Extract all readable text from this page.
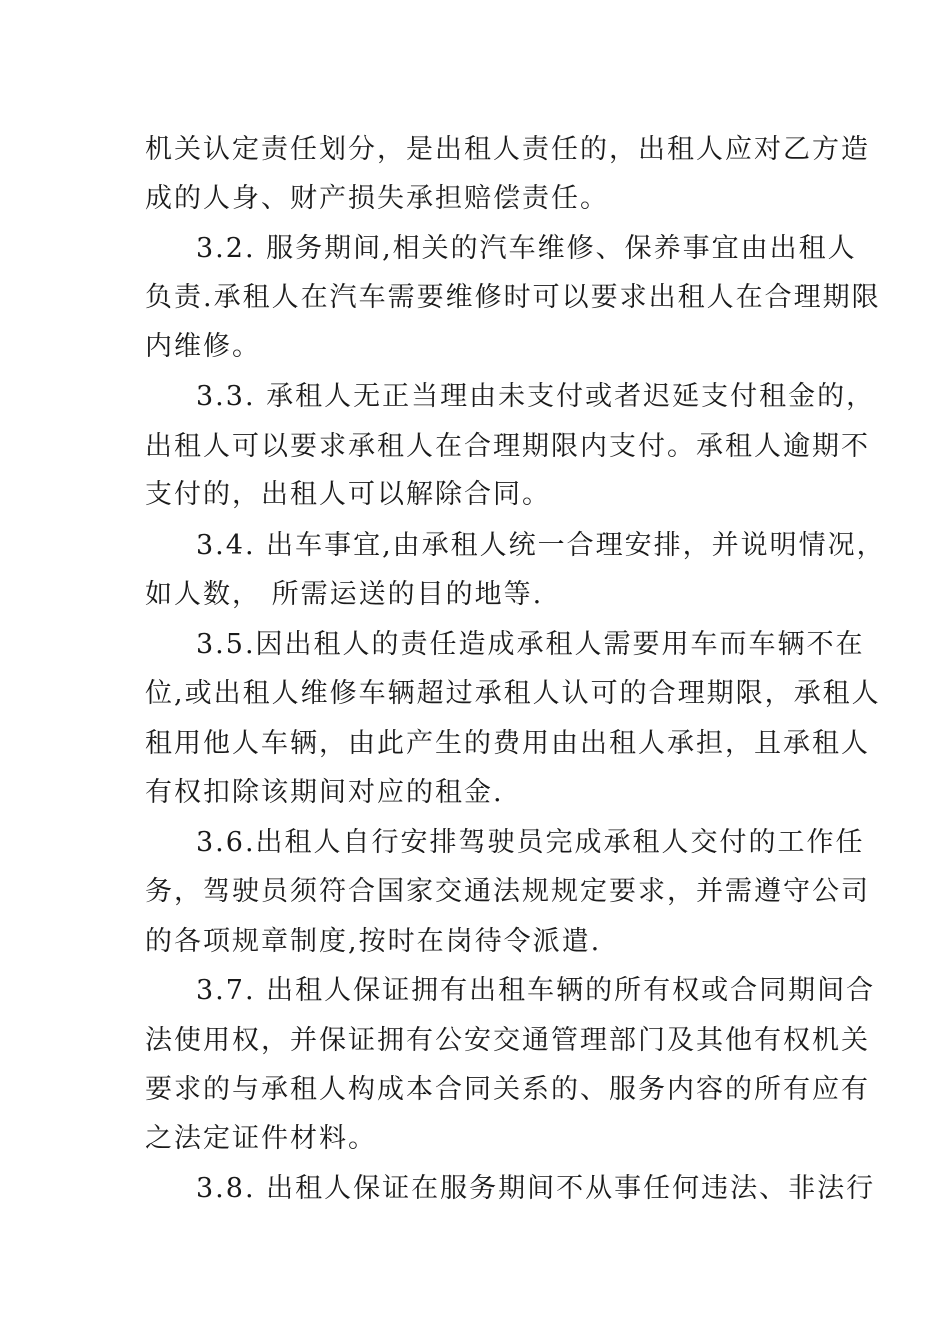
机关认定责任划分，是出租人责任的，出租人应对乙方造

成的人身、财产损失承担赔偿责任。

3.2. 服务期间,相关的汽车维修、保养事宜由出租人

负责.承租人在汽车需要维修时可以要求出租人在合理期限

内维修。

3.3. 承租人无正当理由未支付或者迟延支付租金的，

出租人可以要求承租人在合理期限内支付。承租人逾期不

支付的，出租人可以解除合同。

3.4. 出车事宜,由承租人统一合理安排，并说明情况，

如人数， 所需运送的目的地等.

3.5.因出租人的责任造成承租人需要用车而车辆不在

位,或出租人维修车辆超过承租人认可的合理期限，承租人

租用他人车辆，由此产生的费用由出租人承担，且承租人

有权扣除该期间对应的租金.

3.6.出租人自行安排驾驶员完成承租人交付的工作任

务，驾驶员须符合国家交通法规规定要求，并需遵守公司

的各项规章制度,按时在岗待令派遣.

3.7. 出租人保证拥有出租车辆的所有权或合同期间合

法使用权，并保证拥有公安交通管理部门及其他有权机关

要求的与承租人构成本合同关系的、服务内容的所有应有

之法定证件材料。

3.8. 出租人保证在服务期间不从事任何违法、非法行
